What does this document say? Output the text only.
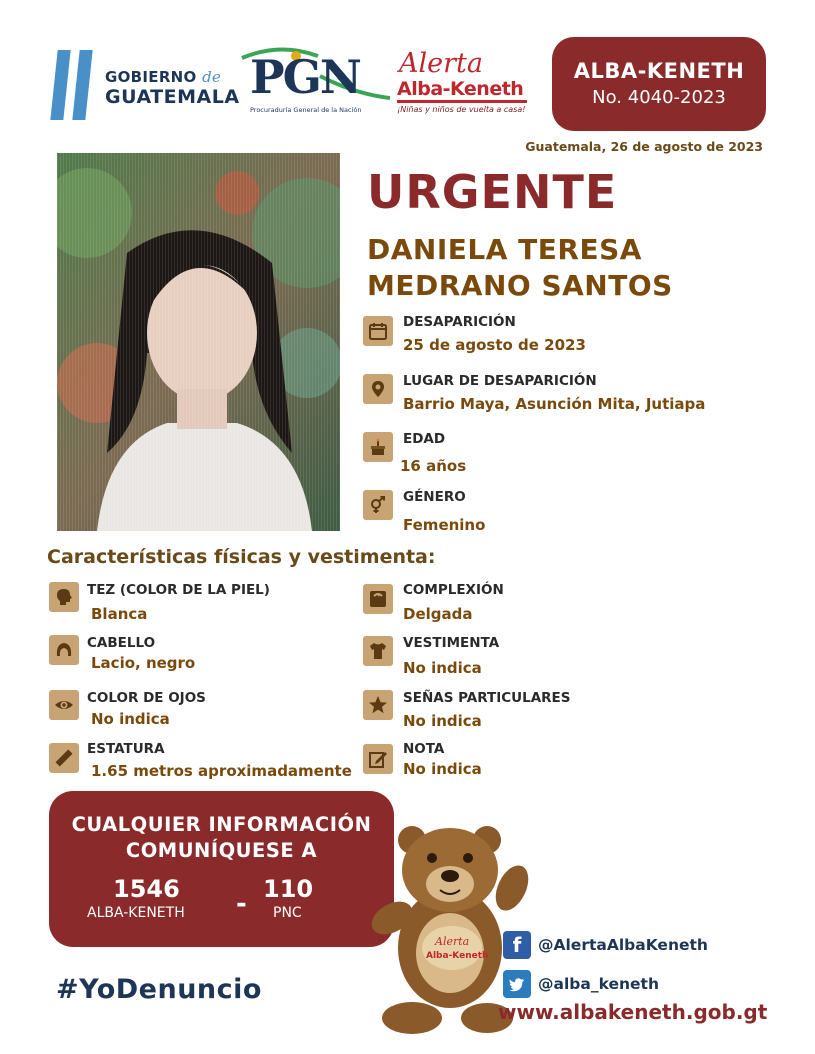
GOBIERNO de
GUATEMALA PGN
Procuraduría General de la Nación
Alerta
Alba-Keneth
¡Niñas y niños de vuelta a casa!
ALBA-KENETH
No. 4040-2023
Guatemala, 26 de agosto de 2023
URGENTE
DANIELA TERESA
MEDRANO SANTOS
DESAPARICIÓN
25 de agosto de 2023
LUGAR DE DESAPARICIÓN
Barrio Maya, Asunción Mita, Jutiapa
EDAD
16 años
GÉNERO
Femenino
Características físicas y vestimenta:
TEZ (COLOR DE LA PIEL)
Blanca
CABELLO
Lacio, negro
COLOR DE OJOS
No indica
ESTATURA
1.65 metros aproximadamente
COMPLEXIÓN
Delgada
VESTIMENTA
No indica
SEÑAS PARTICULARES
No indica
NOTA
No indica
CUALQUIER INFORMACIÓN
COMUNÍQUESE A
1546
ALBA-KENETH - 110
PNC
#YoDenuncio
Alerta
Alba-Keneth	f	@AlertaAlbaKeneth
@alba_keneth
www.albakeneth.gob.gt
